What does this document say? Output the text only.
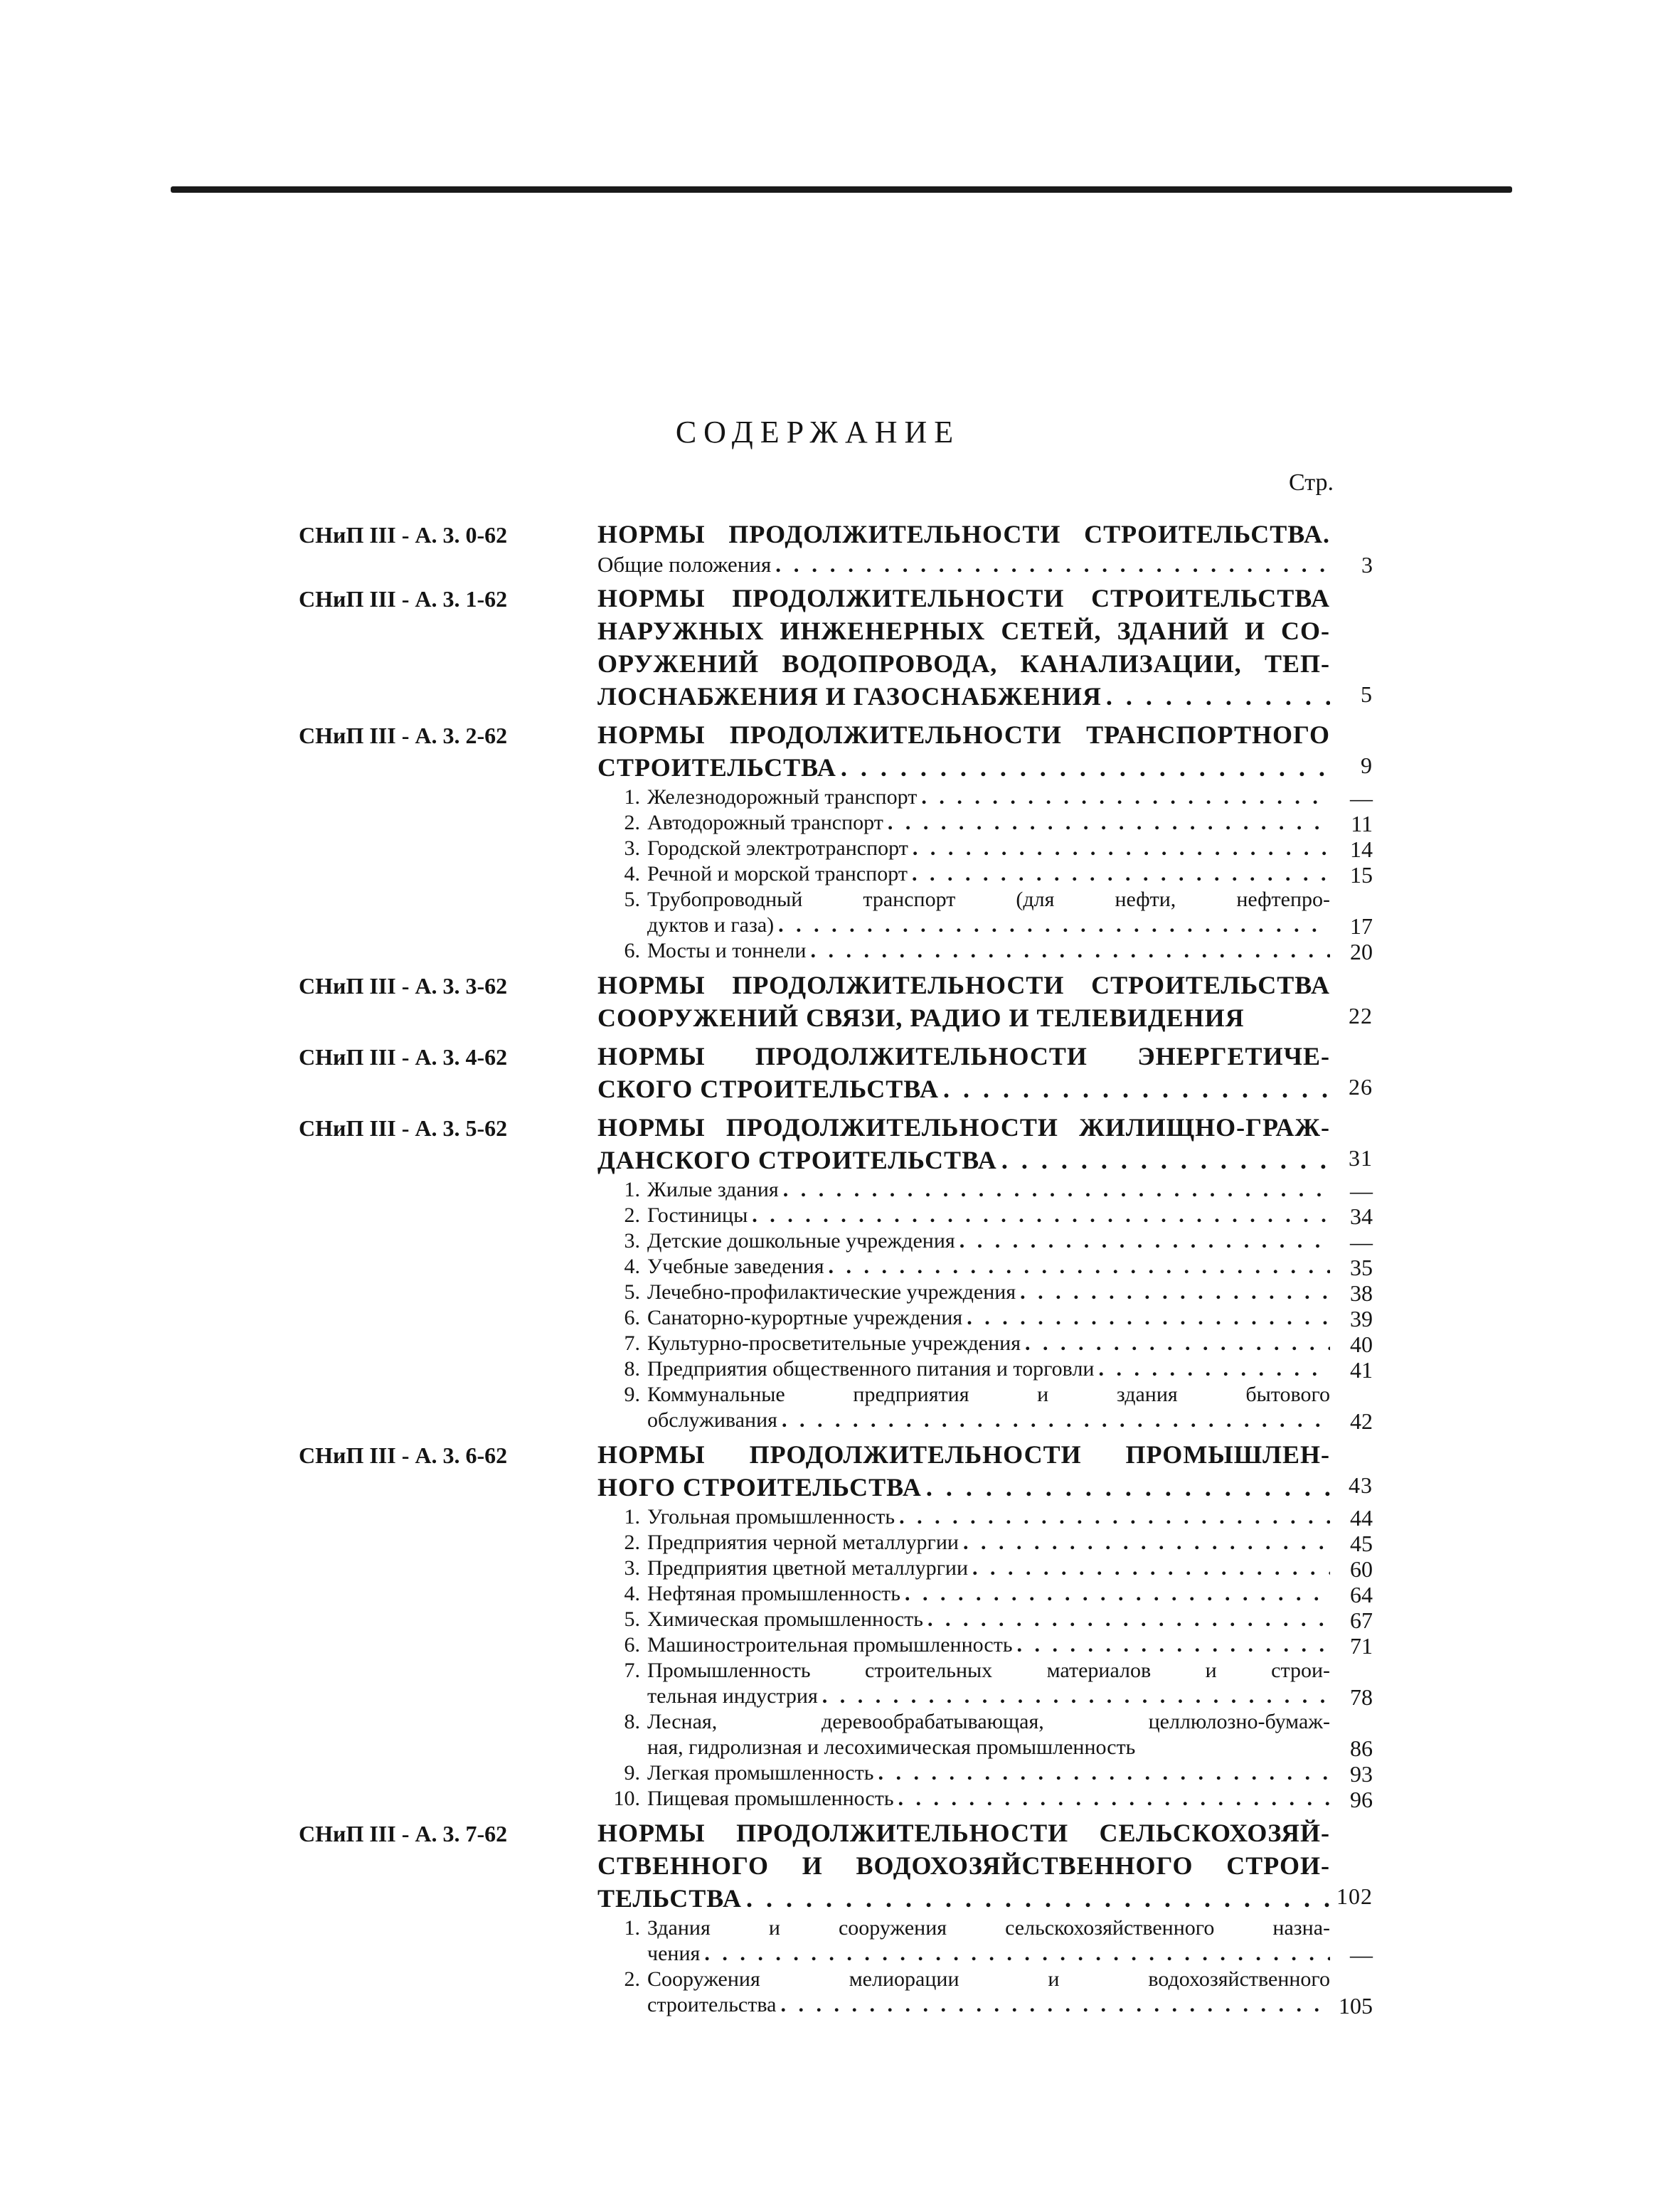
СОДЕРЖАНИЕ
Стр.
СНиП III - А. 3. 0-62	НОРМЫ ПРОДОЛЖИТЕЛЬНОСТИ СТРОИТЕЛЬСТВА.
Общие положения . . .	3
СНиП III - А. 3. 1-62	НОРМЫ ПРОДОЛЖИТЕЛЬНОСТИ СТРОИТЕЛЬСТВА
НАРУЖНЫХ ИНЖЕНЕРНЫХ СЕТЕЙ, ЗДАНИЙ И СО-
ОРУЖЕНИЙ ВОДОПРОВОДА, КАНАЛИЗАЦИИ, ТЕП-
ЛОСНАБЖЕНИЯ И ГАЗОСНАБЖЕНИЯ . . .	5
СНиП III - А. 3. 2-62	НОРМЫ ПРОДОЛЖИТЕЛЬНОСТИ ТРАНСПОРТНОГО
СТРОИТЕЛЬСТВА . . .	9
1. Железнодорожный транспорт . . .	—
2. Автодорожный транспорт . . .	11
3. Городской электротранспорт . . .	14
4. Речной и морской транспорт . . .	15
5. Трубопроводный транспорт (для нефти, нефтепро-
дуктов и газа) . . .	17
6. Мосты и тоннели . . .	20
СНиП III - А. 3. 3-62	НОРМЫ ПРОДОЛЖИТЕЛЬНОСТИ СТРОИТЕЛЬСТВА
СООРУЖЕНИЙ СВЯЗИ, РАДИО И ТЕЛЕВИДЕНИЯ	22
СНиП III - А. 3. 4-62	НОРМЫ ПРОДОЛЖИТЕЛЬНОСТИ ЭНЕРГЕТИЧЕ-
СКОГО СТРОИТЕЛЬСТВА . . .	26
СНиП III - А. 3. 5-62	НОРМЫ ПРОДОЛЖИТЕЛЬНОСТИ ЖИЛИЩНО-ГРАЖ-
ДАНСКОГО СТРОИТЕЛЬСТВА . . .	31
1. Жилые здания . . .	—
2. Гостиницы . . .	34
3. Детские дошкольные учреждения . . .	—
4. Учебные заведения . . .	35
5. Лечебно-профилактические учреждения . . .	38
6. Санаторно-курортные учреждения . . .	39
7. Культурно-просветительные учреждения . . .	40
8. Предприятия общественного питания и торговли . . .	41
9. Коммунальные предприятия и здания бытового
обслуживания . . .	42
СНиП III - А. 3. 6-62	НОРМЫ ПРОДОЛЖИТЕЛЬНОСТИ ПРОМЫШЛЕН-
НОГО СТРОИТЕЛЬСТВА . . .	43
1. Угольная промышленность . . .	44
2. Предприятия черной металлургии . . .	45
3. Предприятия цветной металлургии . . .	60
4. Нефтяная промышленность . . .	64
5. Химическая промышленность . . .	67
6. Машиностроительная промышленность . . .	71
7. Промышленность строительных материалов и строи-
тельная индустрия . . .	78
8. Лесная, деревообрабатывающая, целлюлозно-бумаж-
ная, гидролизная и лесохимическая промышленность	86
9. Легкая промышленность . . .	93
10. Пищевая промышленность . . .	96
СНиП III - А. 3. 7-62	НОРМЫ ПРОДОЛЖИТЕЛЬНОСТИ СЕЛЬСКОХОЗЯЙ-
СТВЕННОГО И ВОДОХОЗЯЙСТВЕННОГО СТРОИ-
ТЕЛЬСТВА . . .	102
1. Здания и сооружения сельскохозяйственного назна-
чения . . .	—
2. Сооружения мелиорации и водохозяйственного
строительства . . .	105
